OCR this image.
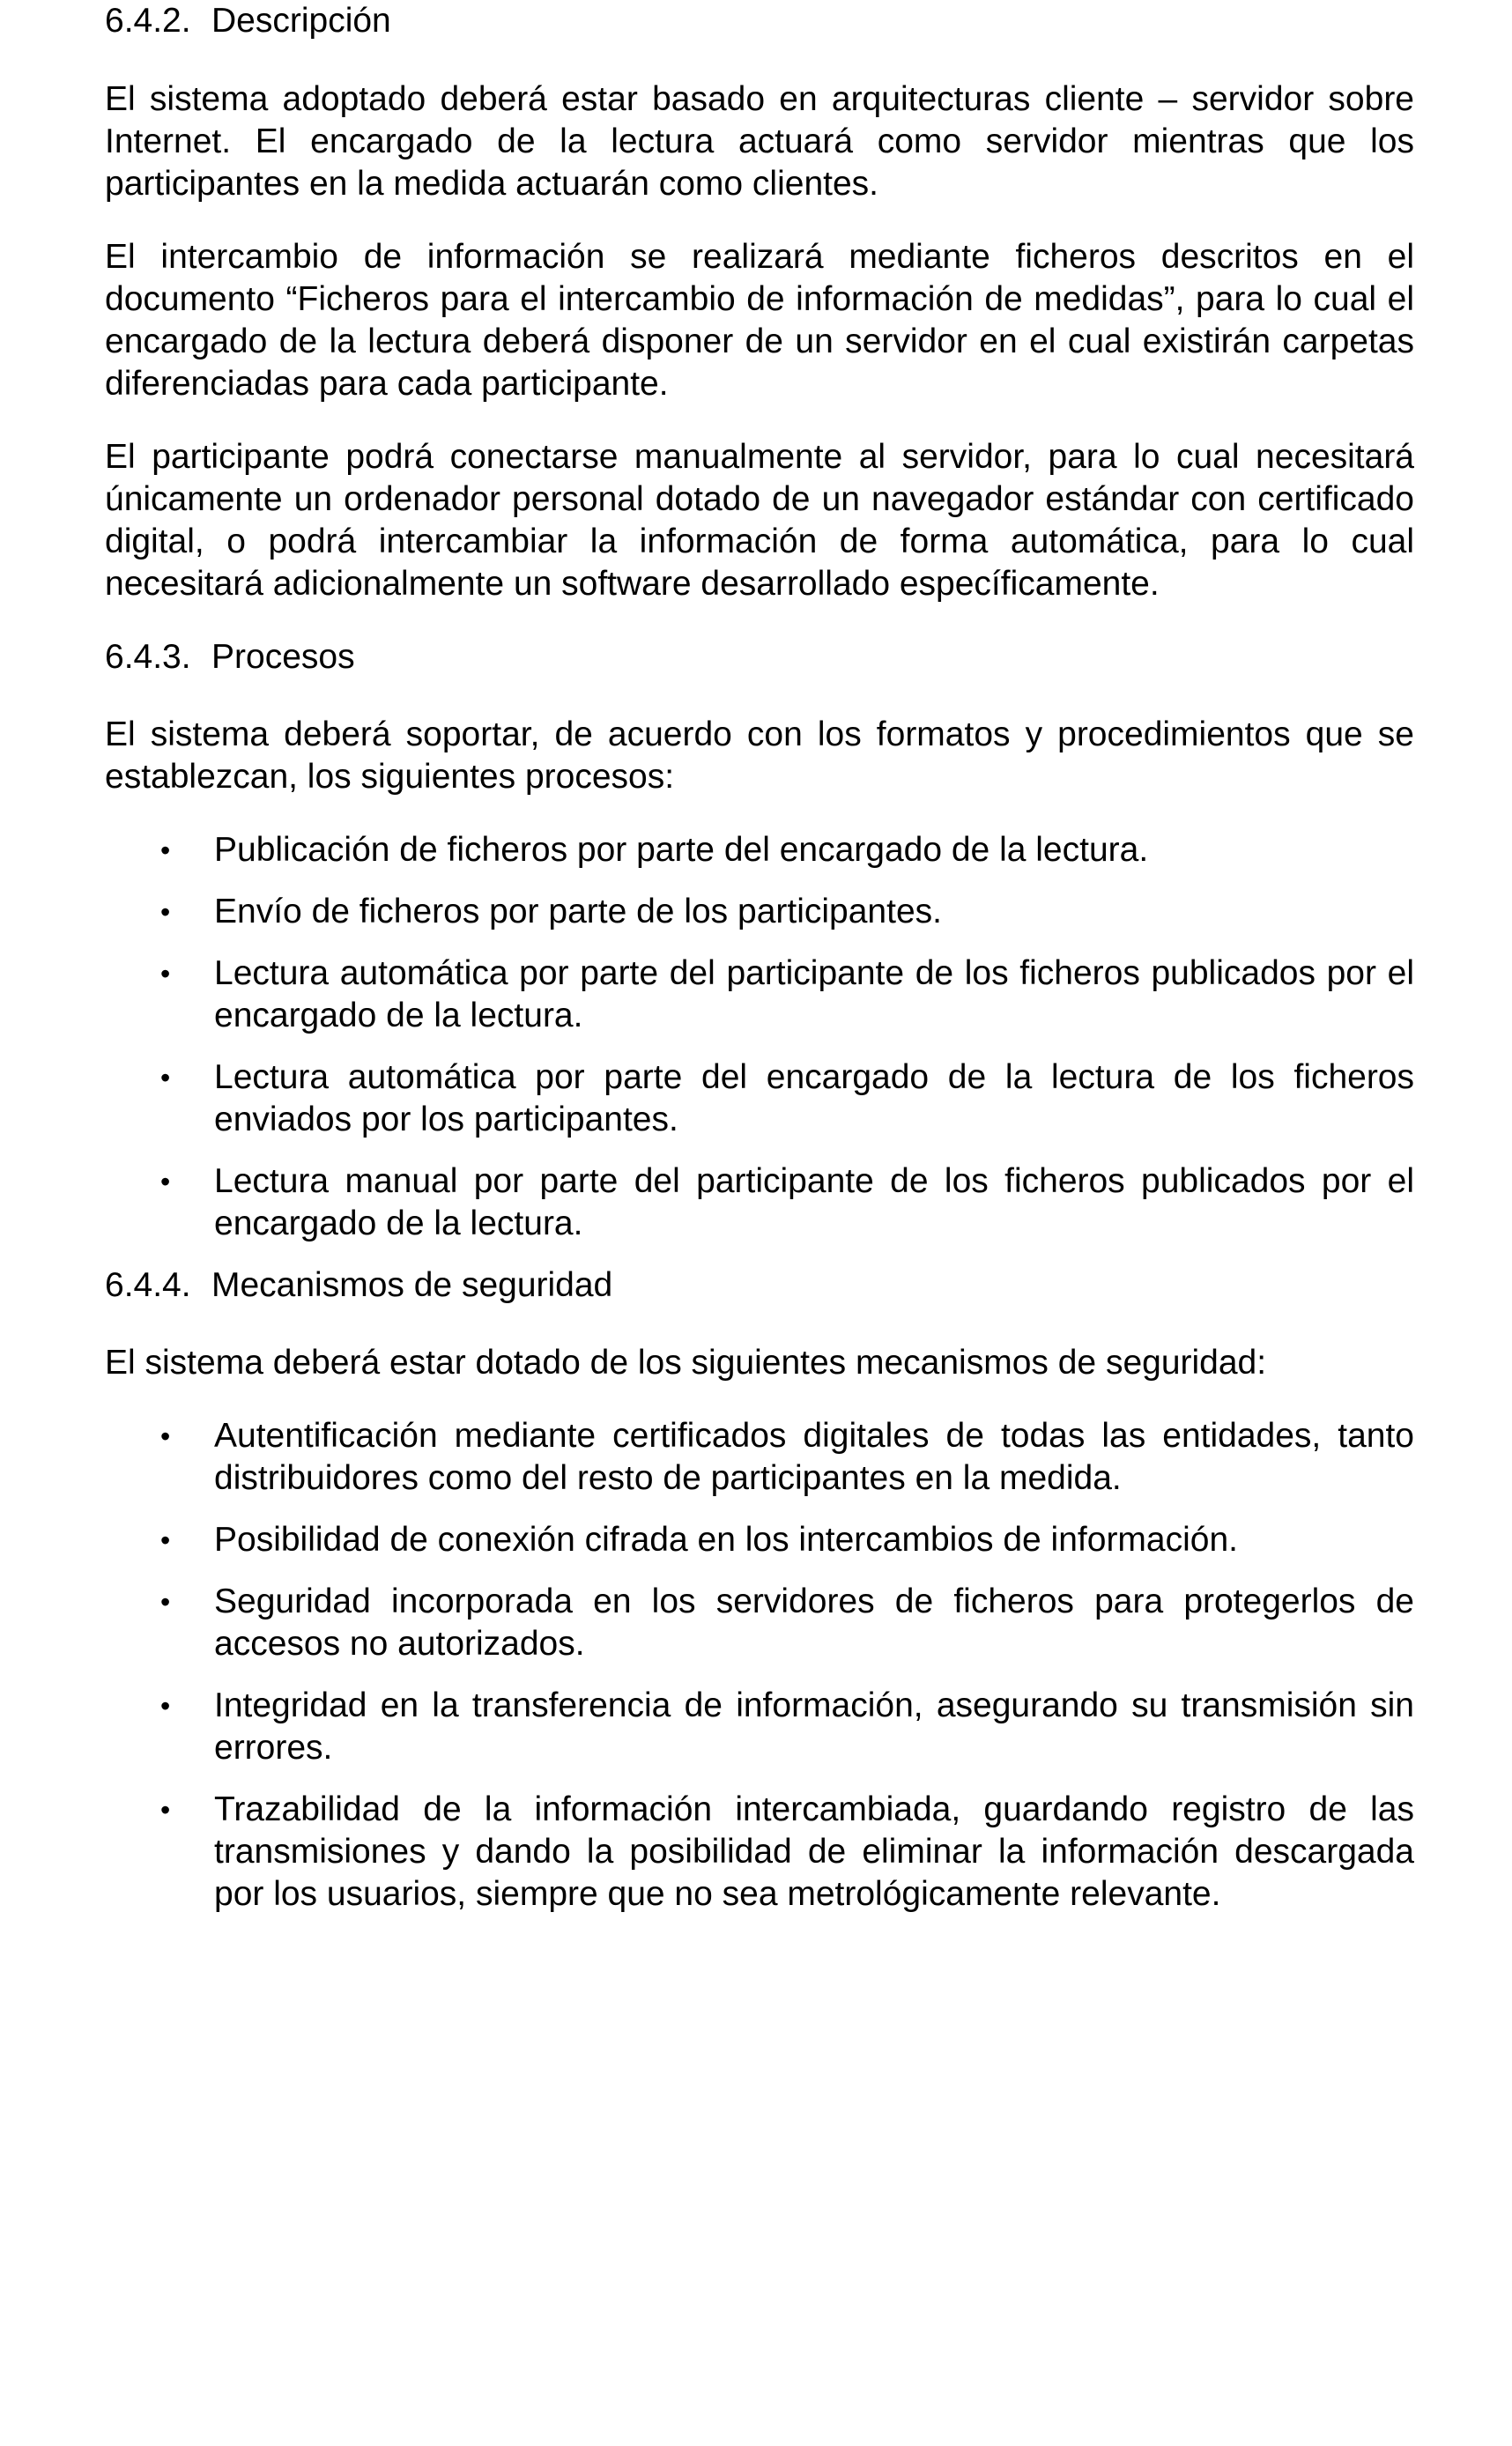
6.4.2. Descripción

El sistema adoptado deberá estar basado en arquitecturas cliente – servidor sobre Internet. El encargado de la lectura actuará como servidor mientras que los participantes en la medida actuarán como clientes.

El intercambio de información se realizará mediante ficheros descritos en el documento “Ficheros para el intercambio de información de medidas”, para lo cual el encargado de la lectura deberá disponer de un servidor en el cual existirán carpetas diferenciadas para cada participante.

El participante podrá conectarse manualmente al servidor, para lo cual necesitará únicamente un ordenador personal dotado de un navegador estándar con certificado digital, o podrá intercambiar la información de forma automática, para lo cual necesitará adicionalmente un software desarrollado específicamente.

6.4.3. Procesos

El sistema deberá soportar, de acuerdo con los formatos y procedimientos que se establezcan, los siguientes procesos:

• Publicación de ficheros por parte del encargado de la lectura.
• Envío de ficheros por parte de los participantes.
• Lectura automática por parte del participante de los ficheros publicados por el encargado de la lectura.
• Lectura automática por parte del encargado de la lectura de los ficheros enviados por los participantes.
• Lectura manual por parte del participante de los ficheros publicados por el encargado de la lectura.
6.4.4. Mecanismos de seguridad

El sistema deberá estar dotado de los siguientes mecanismos de seguridad:

• Autentificación mediante certificados digitales de todas las entidades, tanto distribuidores como del resto de participantes en la medida.
• Posibilidad de conexión cifrada en los intercambios de información.
• Seguridad incorporada en los servidores de ficheros para protegerlos de accesos no autorizados.
• Integridad en la transferencia de información, asegurando su transmisión sin errores.
• Trazabilidad de la información intercambiada, guardando registro de las transmisiones y dando la posibilidad de eliminar la información descargada por los usuarios, siempre que no sea metrológicamente relevante.
